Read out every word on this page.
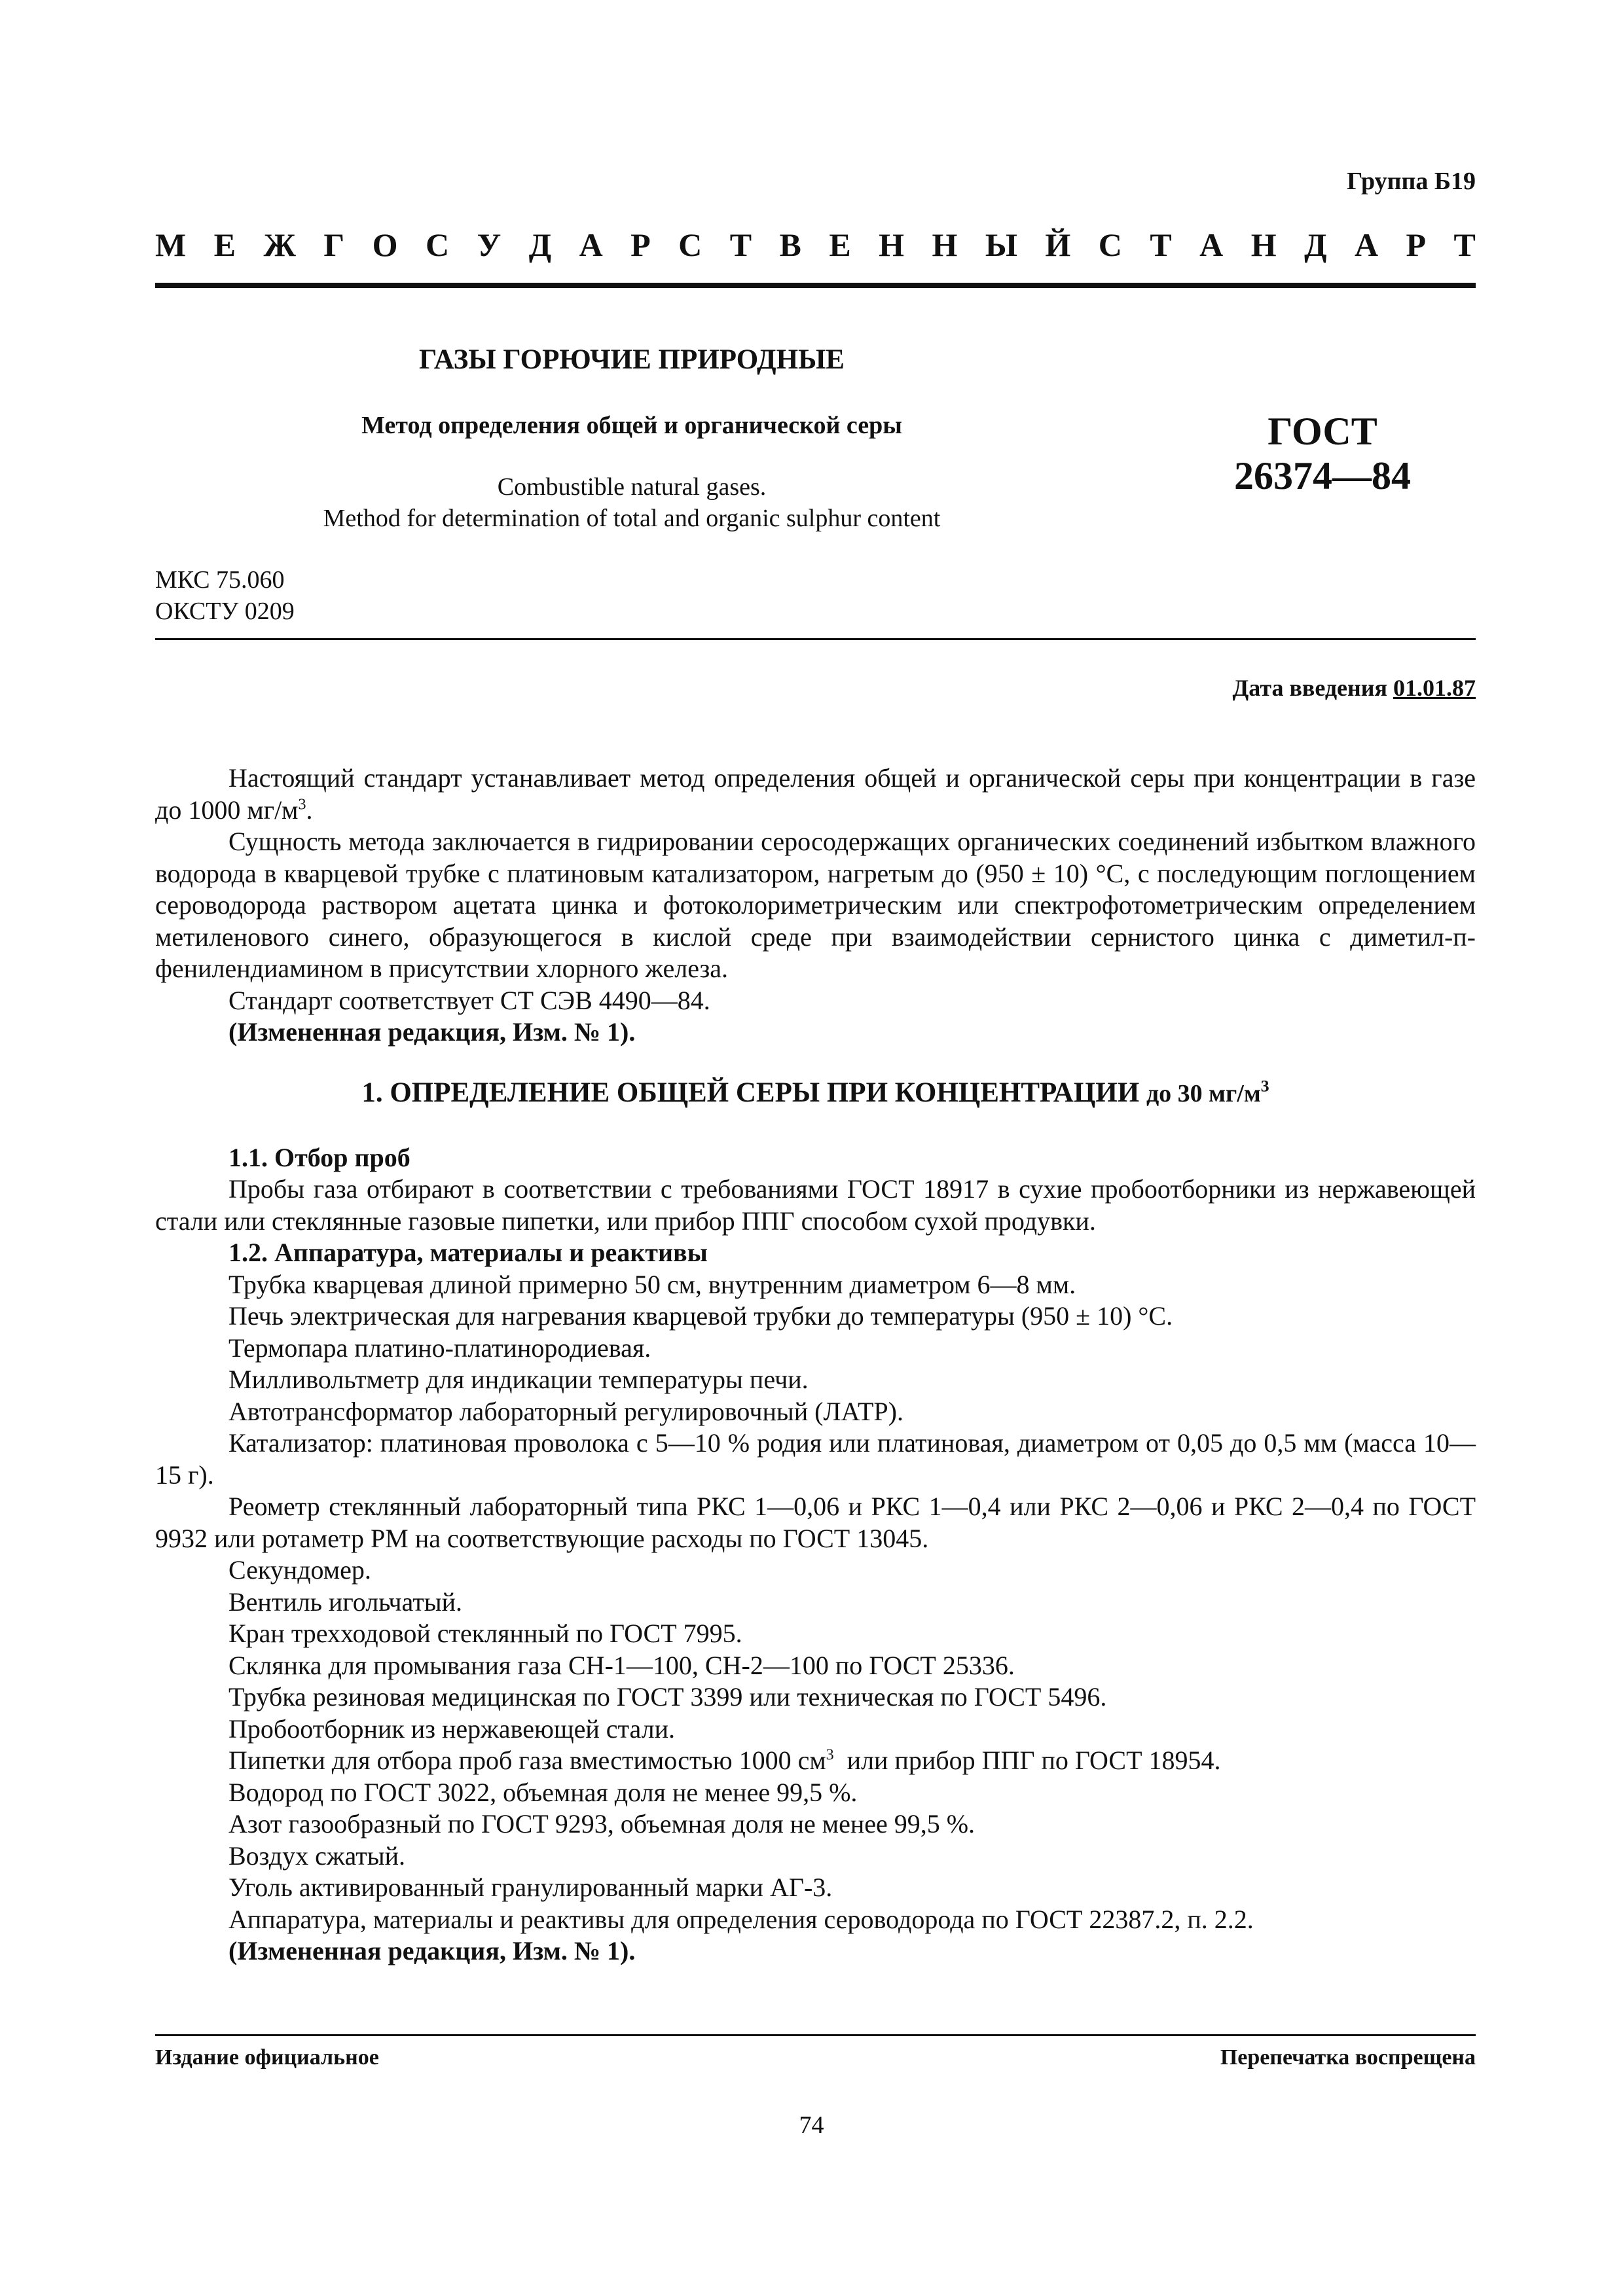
Группа Б19
М Е Ж Г О С У Д А Р С Т В Е Н Н Ы Й С Т А Н Д А Р Т
ГАЗЫ ГОРЮЧИЕ ПРИРОДНЫЕ
Метод определения общей и органической серы
Combustible natural gases.
Method for determination of total and organic sulphur content
ГОСТ
26374—84
МКС 75.060
ОКСТУ 0209
Дата введения 01.01.87

Настоящий стандарт устанавливает метод определения общей и органической серы при концентрации в газе до 1000 $мг/м^3$.

Сущность метода заключается в гидрировании серосодержащих органических соединений избытком влажного водорода в кварцевой трубке с платиновым катализатором, нагретым до (950 ± 10) °С, с последующим поглощением сероводорода раствором ацетата цинка и фотоколориметрическим или спектрофотометрическим определением метиленового синего, образующегося в кислой среде при взаимодействии сернистого цинка с диметил-п-фенилендиамином в присутствии хлорного железа.

Стандарт соответствует СТ СЭВ 4490—84.

(Измененная редакция, Изм. № 1).

1. ОПРЕДЕЛЕНИЕ ОБЩЕЙ СЕРЫ ПРИ КОНЦЕНТРАЦИИ до 30 $мг/м^3$

1.1. Отбор проб

Пробы газа отбирают в соответствии с требованиями ГОСТ 18917 в сухие пробоотборники из нержавеющей стали или стеклянные газовые пипетки, или прибор ППГ способом сухой продувки.

1.2. Аппаратура, материалы и реактивы

Трубка кварцевая длиной примерно 50 см, внутренним диаметром 6—8 мм.

Печь электрическая для нагревания кварцевой трубки до температуры (950 ± 10) °С.

Термопара платино-платинородиевая.

Милливольтметр для индикации температуры печи.

Автотрансформатор лабораторный регулировочный (ЛАТР).

Катализатор: платиновая проволока с 5—10 % родия или платиновая, диаметром от 0,05 до 0,5 мм (масса 10—15 г).

Реометр стеклянный лабораторный типа РКС 1—0,06 и РКС 1—0,4 или РКС 2—0,06 и РКС 2—0,4 по ГОСТ 9932 или ротаметр РМ на соответствующие расходы по ГОСТ 13045.

Секундомер.

Вентиль игольчатый.

Кран трехходовой стеклянный по ГОСТ 7995.

Склянка для промывания газа СН-1—100, СН-2—100 по ГОСТ 25336.

Трубка резиновая медицинская по ГОСТ 3399 или техническая по ГОСТ 5496.

Пробоотборник из нержавеющей стали.

Пипетки для отбора проб газа вместимостью 1000 $см^3$  или прибор ППГ по ГОСТ 18954.

Водород по ГОСТ 3022, объемная доля не менее 99,5 %.

Азот газообразный по ГОСТ 9293, объемная доля не менее 99,5 %.

Воздух сжатый.

Уголь активированный гранулированный марки АГ-3.

Аппаратура, материалы и реактивы для определения сероводорода по ГОСТ 22387.2, п. 2.2.

(Измененная редакция, Изм. № 1).

Издание официальное	Перепечатка воспрещена
74
